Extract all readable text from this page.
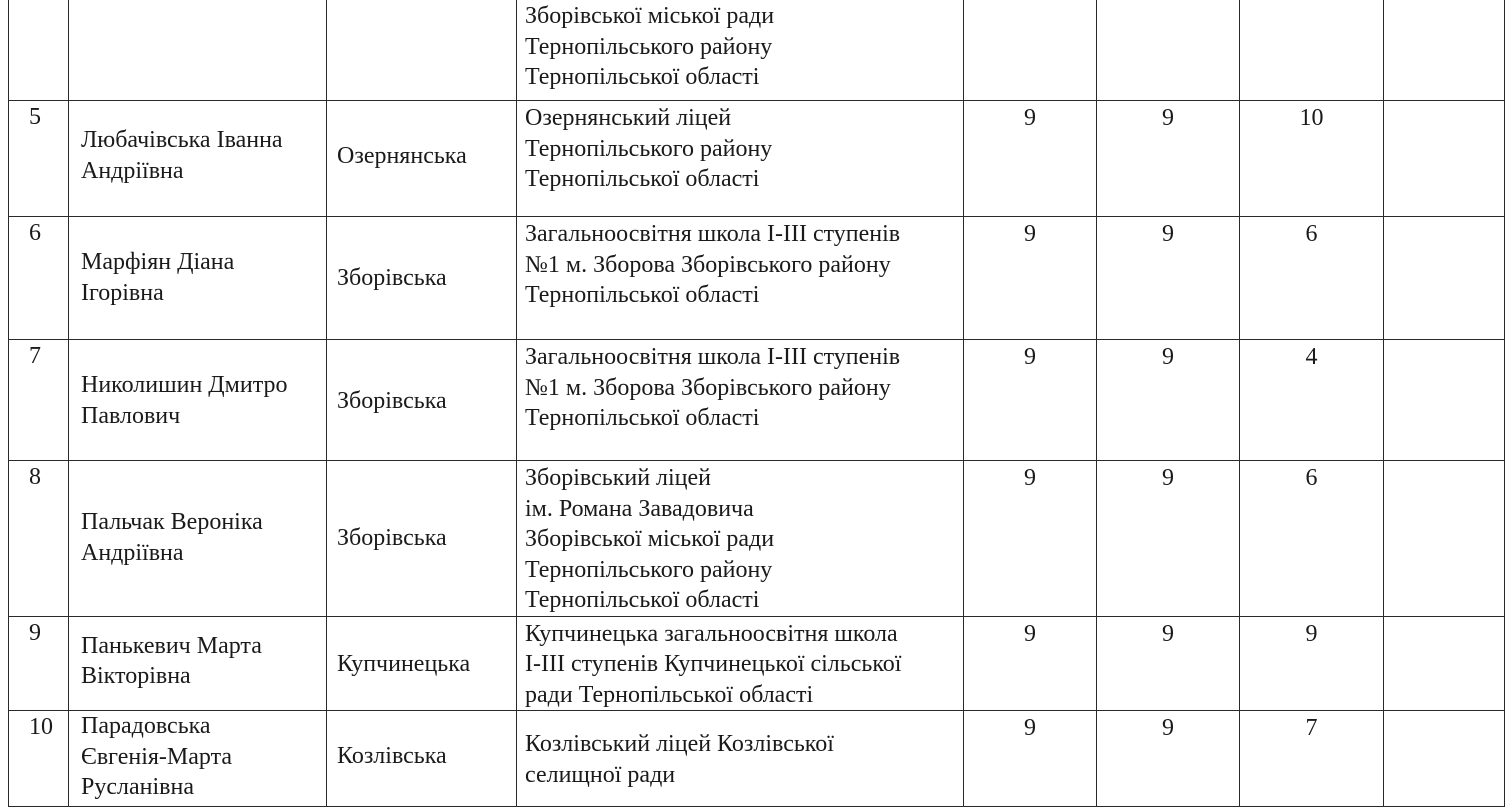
			Зборівської міської ради
Тернопільського району
Тернопільської області				

5	Любачівська Іванна Андріївна	Озернянська	Озернянський ліцей
Тернопільського району
Тернопільської області	9	9	10	
6	Марфіян Діана Ігорівна	Зборівська	Загальноосвітня школа I-III ступенів
№1 м. Зборова Зборівського району
Тернопільської області	9	9	6	
7	Николишин Дмитро Павлович	Зборівська	Загальноосвітня школа I-III ступенів
№1 м. Зборова Зборівського району
Тернопільської області	9	9	4	
8	Пальчак Вероніка Андріївна	Зборівська	Зборівський ліцей
ім. Романа Завадовича
Зборівської міської ради
Тернопільського району
Тернопільської області	9	9	6	
9	Панькевич Марта Вікторівна	Купчинецька	Купчинецька загальноосвітня школа
I-III ступенів Купчинецької сільської
ради Тернопільської області	9	9	9	
10	Парадовська Євгенія-Марта Русланівна	Козлівська	Козлівський ліцей Козлівської
селищної ради	9	9	7	
